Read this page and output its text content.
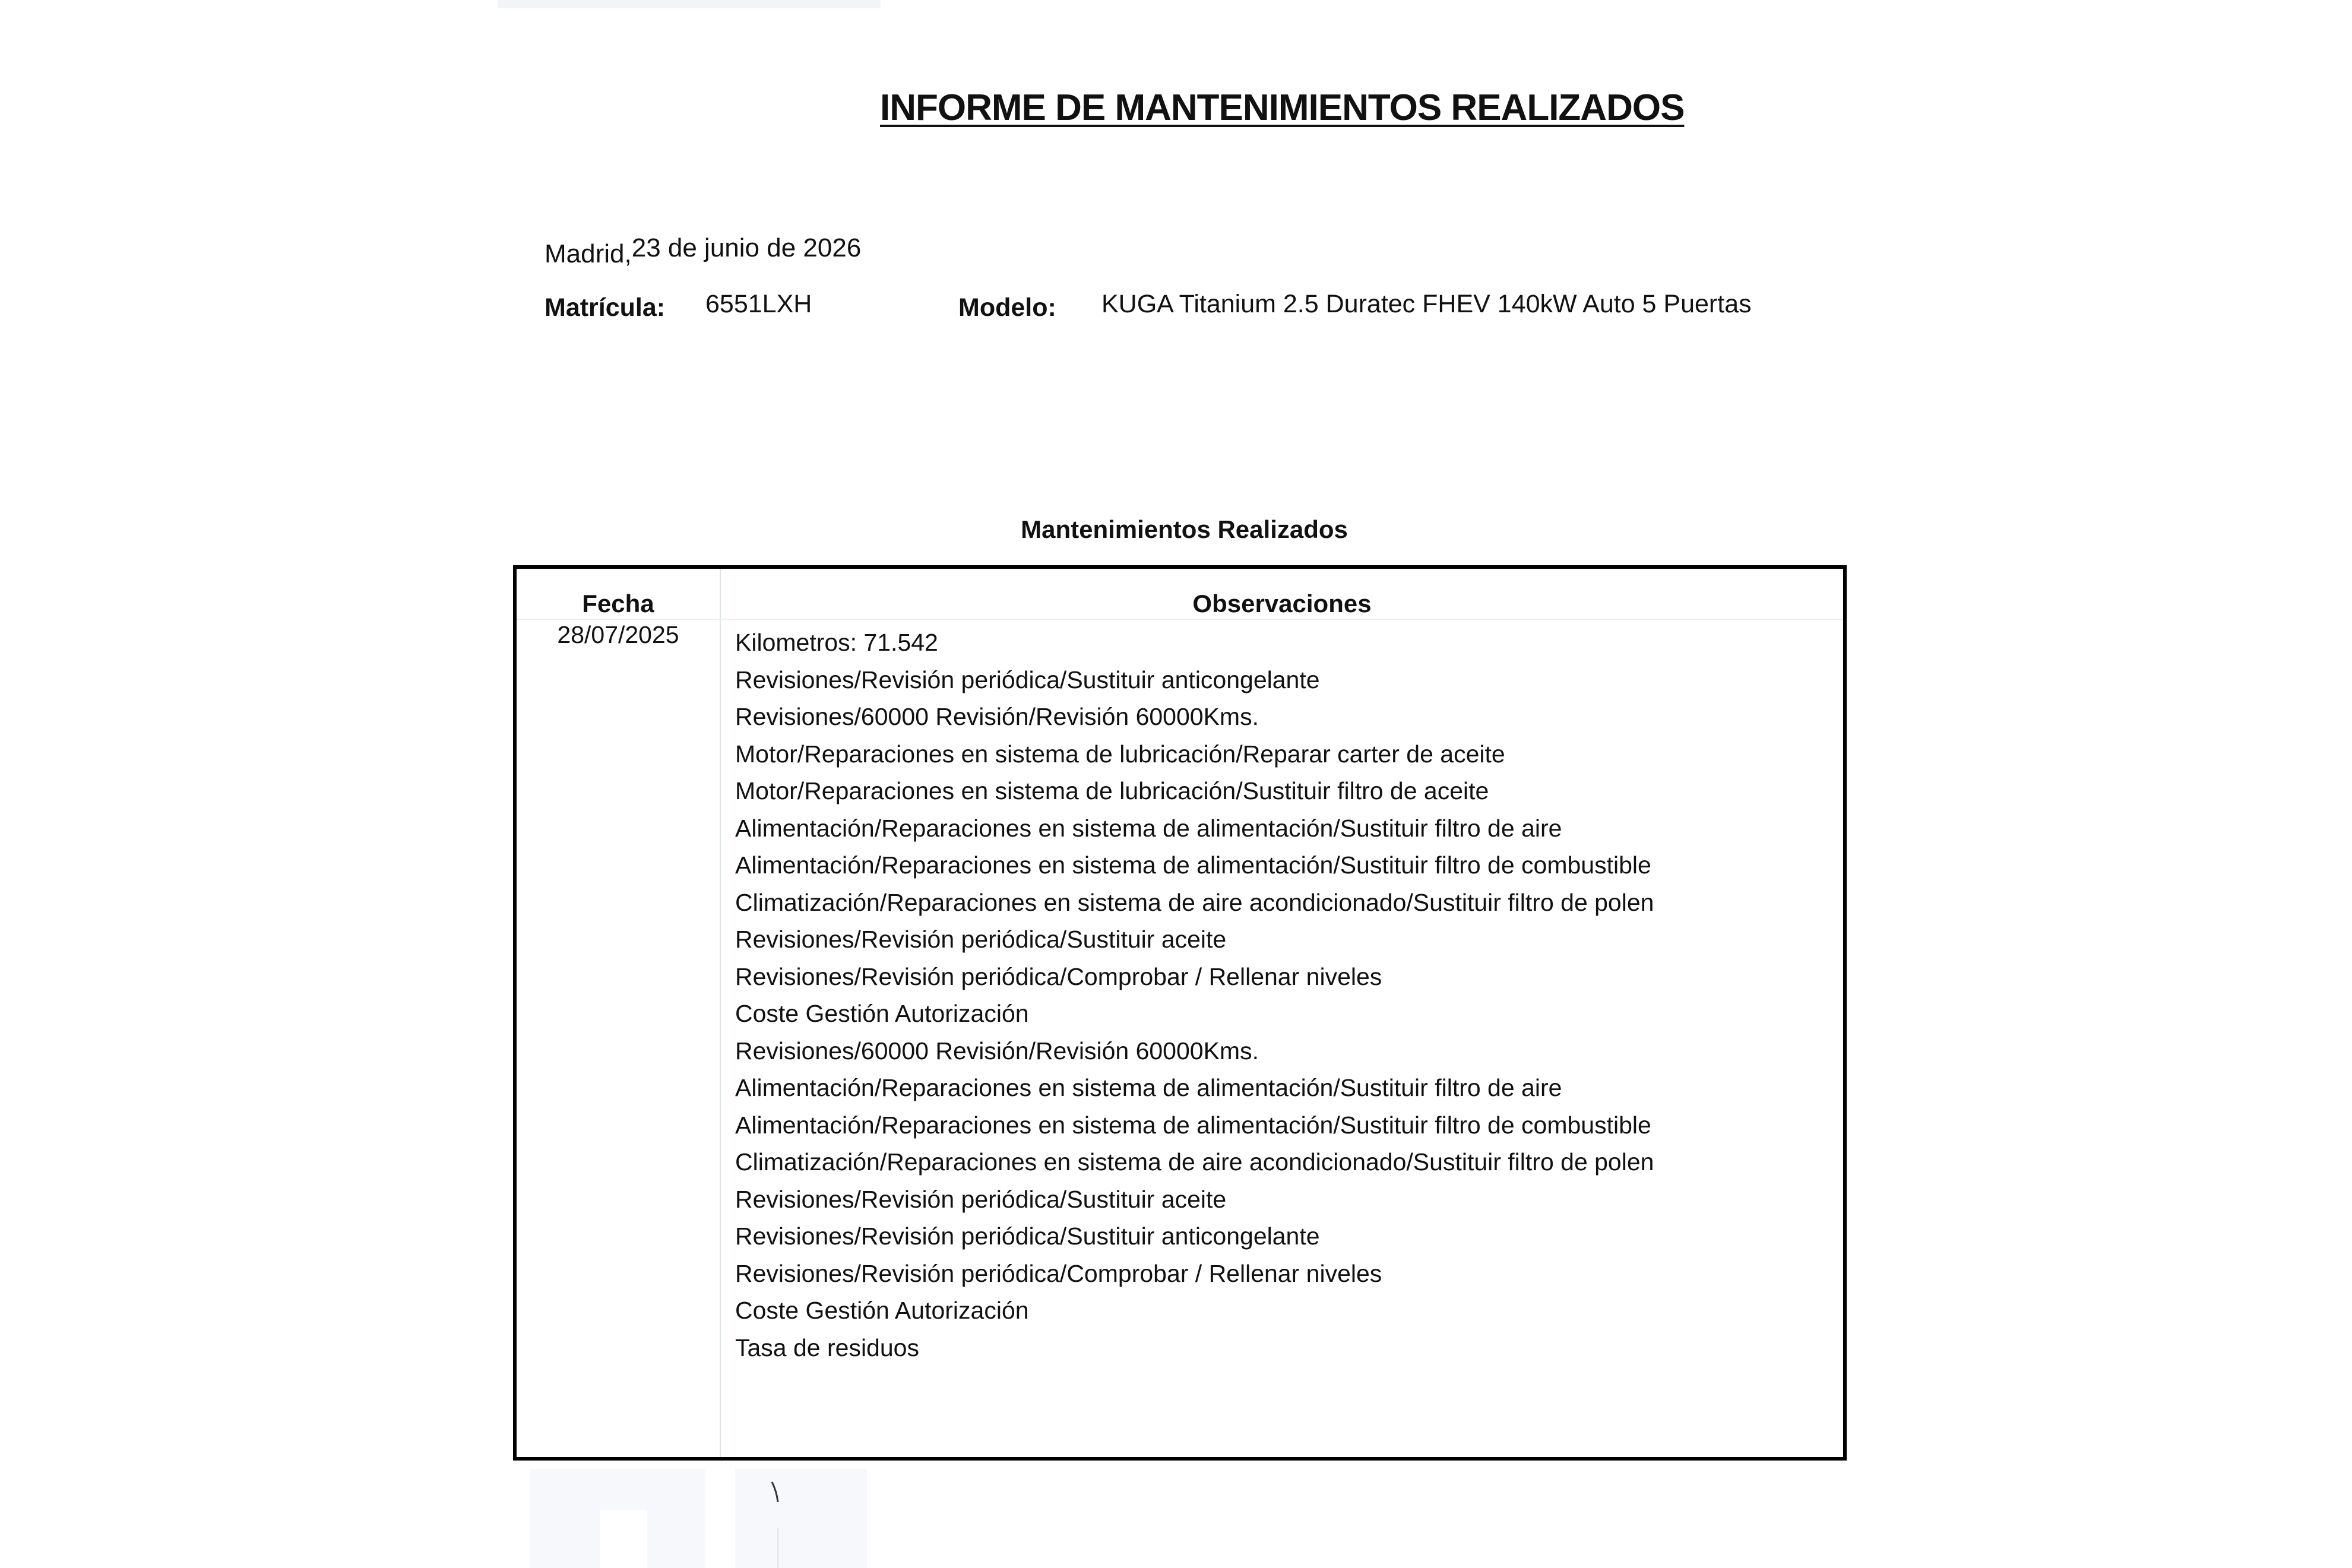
INFORME DE MANTENIMIENTOS REALIZADOS
Madrid,23 de junio de 2026
Matrícula: 6551LXH	Modelo: KUGA Titanium 2.5 Duratec FHEV 140kW Auto 5 Puertas
Mantenimientos Realizados
Fecha	Observaciones
28/07/2025	Kilometros: 71.542
Revisiones/Revisión periódica/Sustituir anticongelante
Revisiones/60000 Revisión/Revisión 60000Kms.
Motor/Reparaciones en sistema de lubricación/Reparar carter de aceite
Motor/Reparaciones en sistema de lubricación/Sustituir filtro de aceite
Alimentación/Reparaciones en sistema de alimentación/Sustituir filtro de aire
Alimentación/Reparaciones en sistema de alimentación/Sustituir filtro de combustible
Climatización/Reparaciones en sistema de aire acondicionado/Sustituir filtro de polen
Revisiones/Revisión periódica/Sustituir aceite
Revisiones/Revisión periódica/Comprobar / Rellenar niveles
Coste Gestión Autorización
Revisiones/60000 Revisión/Revisión 60000Kms.
Alimentación/Reparaciones en sistema de alimentación/Sustituir filtro de aire
Alimentación/Reparaciones en sistema de alimentación/Sustituir filtro de combustible
Climatización/Reparaciones en sistema de aire acondicionado/Sustituir filtro de polen
Revisiones/Revisión periódica/Sustituir aceite
Revisiones/Revisión periódica/Sustituir anticongelante
Revisiones/Revisión periódica/Comprobar / Rellenar niveles
Coste Gestión Autorización
Tasa de residuos
